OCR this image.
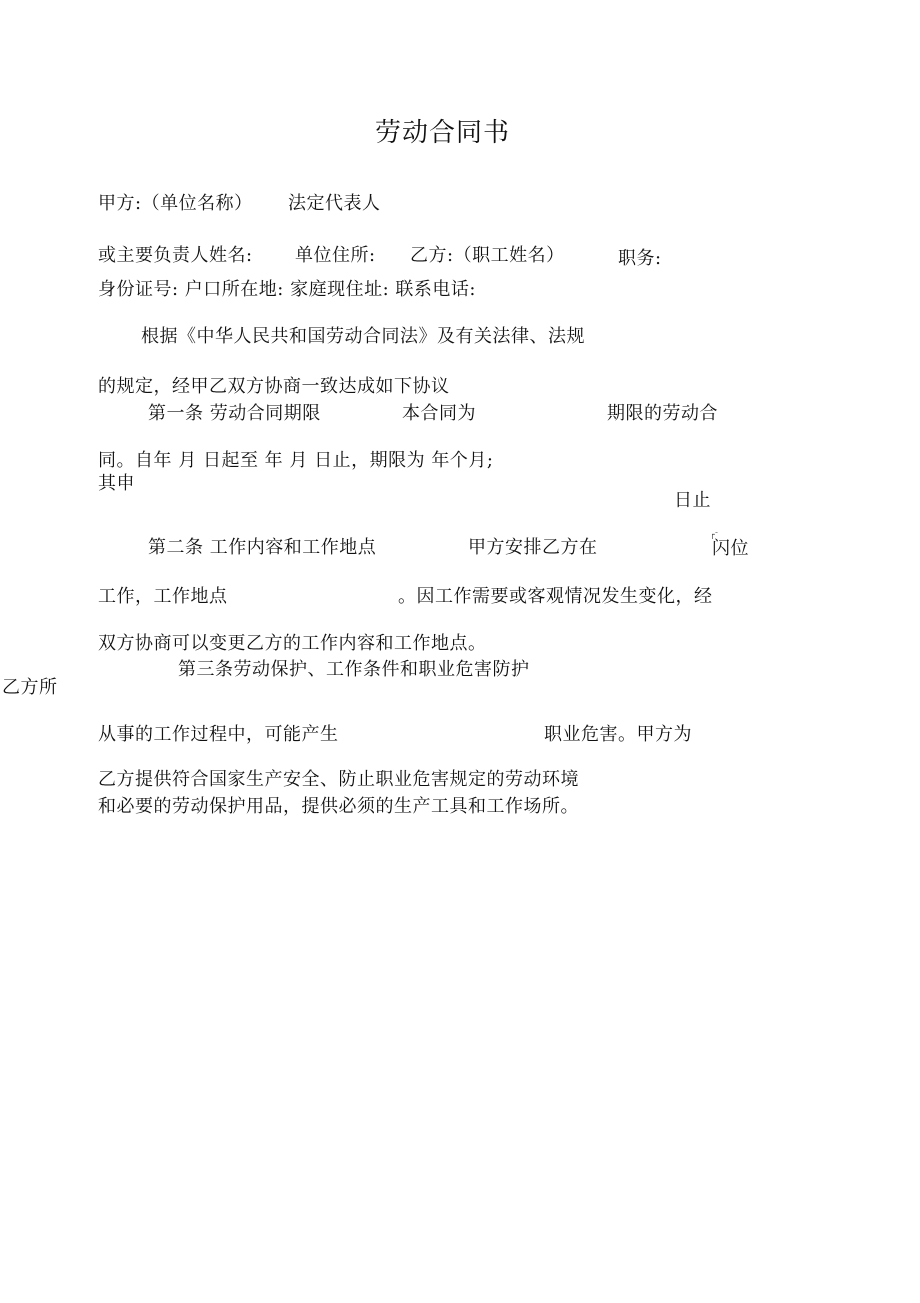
劳动合同书
甲方:（单位名称） 法定代表人
或主要负责人姓名: 单位住所: 乙方:（职工姓名）	职务:
身份证号: 户口所在地: 家庭现住址: 联系电话:
根据《中华人民共和国劳动合同法》及有关法律、法规
的规定，经甲乙双方协商一致达成如下协议
第一条 劳动合同期限	本合同为	期限的劳动合
同。自年 月 日起至 年 月 日止，期限为 年个月;
其申
日止
第二条 工作内容和工作地点	甲方安排乙方在
┌ᐨ
闪位
工作，工作地点	。因工作需要或客观情况发生变化，经
双方协商可以变更乙方的工作内容和工作地点。
第三条劳动保护、工作条件和职业危害防护
乙方所
从事的工作过程中，可能产生	职业危害。甲方为
乙方提供符合国家生产安全、防止职业危害规定的劳动环境
和必要的劳动保护用品，提供必须的生产工具和工作场所。
